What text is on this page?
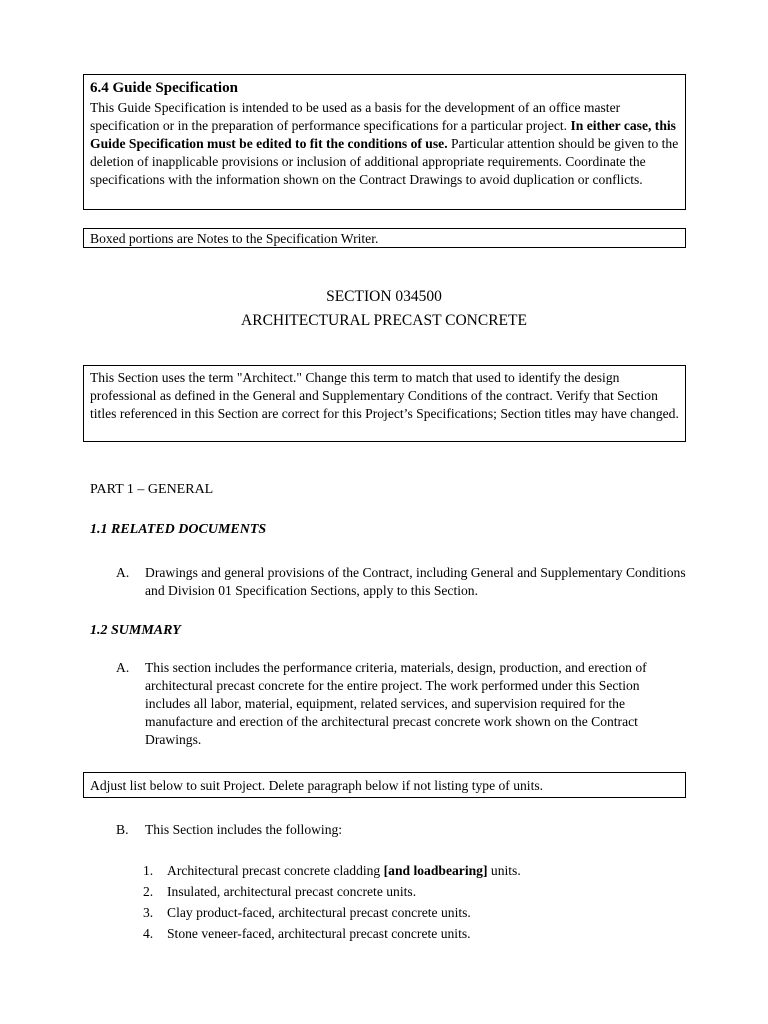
6.4 Guide Specification

This Guide Specification is intended to be used as a basis for the development of an office master specification or in the preparation of performance specifications for a particular project. In either case, this Guide Specification must be edited to fit the conditions of use. Particular attention should be given to the deletion of inapplicable provisions or inclusion of additional appropriate requirements. Coordinate the specifications with the information shown on the Contract Drawings to avoid duplication or conflicts.

Boxed portions are Notes to the Specification Writer.

SECTION 034500
ARCHITECTURAL PRECAST CONCRETE

This Section uses the term "Architect." Change this term to match that used to identify the design professional as defined in the General and Supplementary Conditions of the contract. Verify that Section titles referenced in this Section are correct for this Project’s Specifications; Section titles may have changed.

PART 1 – GENERAL
1.1 RELATED DOCUMENTS
A. Drawings and general provisions of the Contract, including General and Supplementary Conditions and Division 01 Specification Sections, apply to this Section.
1.2 SUMMARY
A. This section includes the performance criteria, materials, design, production, and erection of architectural precast concrete for the entire project. The work performed under this Section includes all labor, material, equipment, related services, and supervision required for the manufacture and erection of the architectural precast concrete work shown on the Contract Drawings.

Adjust list below to suit Project. Delete paragraph below if not listing type of units.

B. This Section includes the following:
1. Architectural precast concrete cladding [and loadbearing] units.
2. Insulated, architectural precast concrete units.
3. Clay product-faced, architectural precast concrete units.
4. Stone veneer-faced, architectural precast concrete units.
